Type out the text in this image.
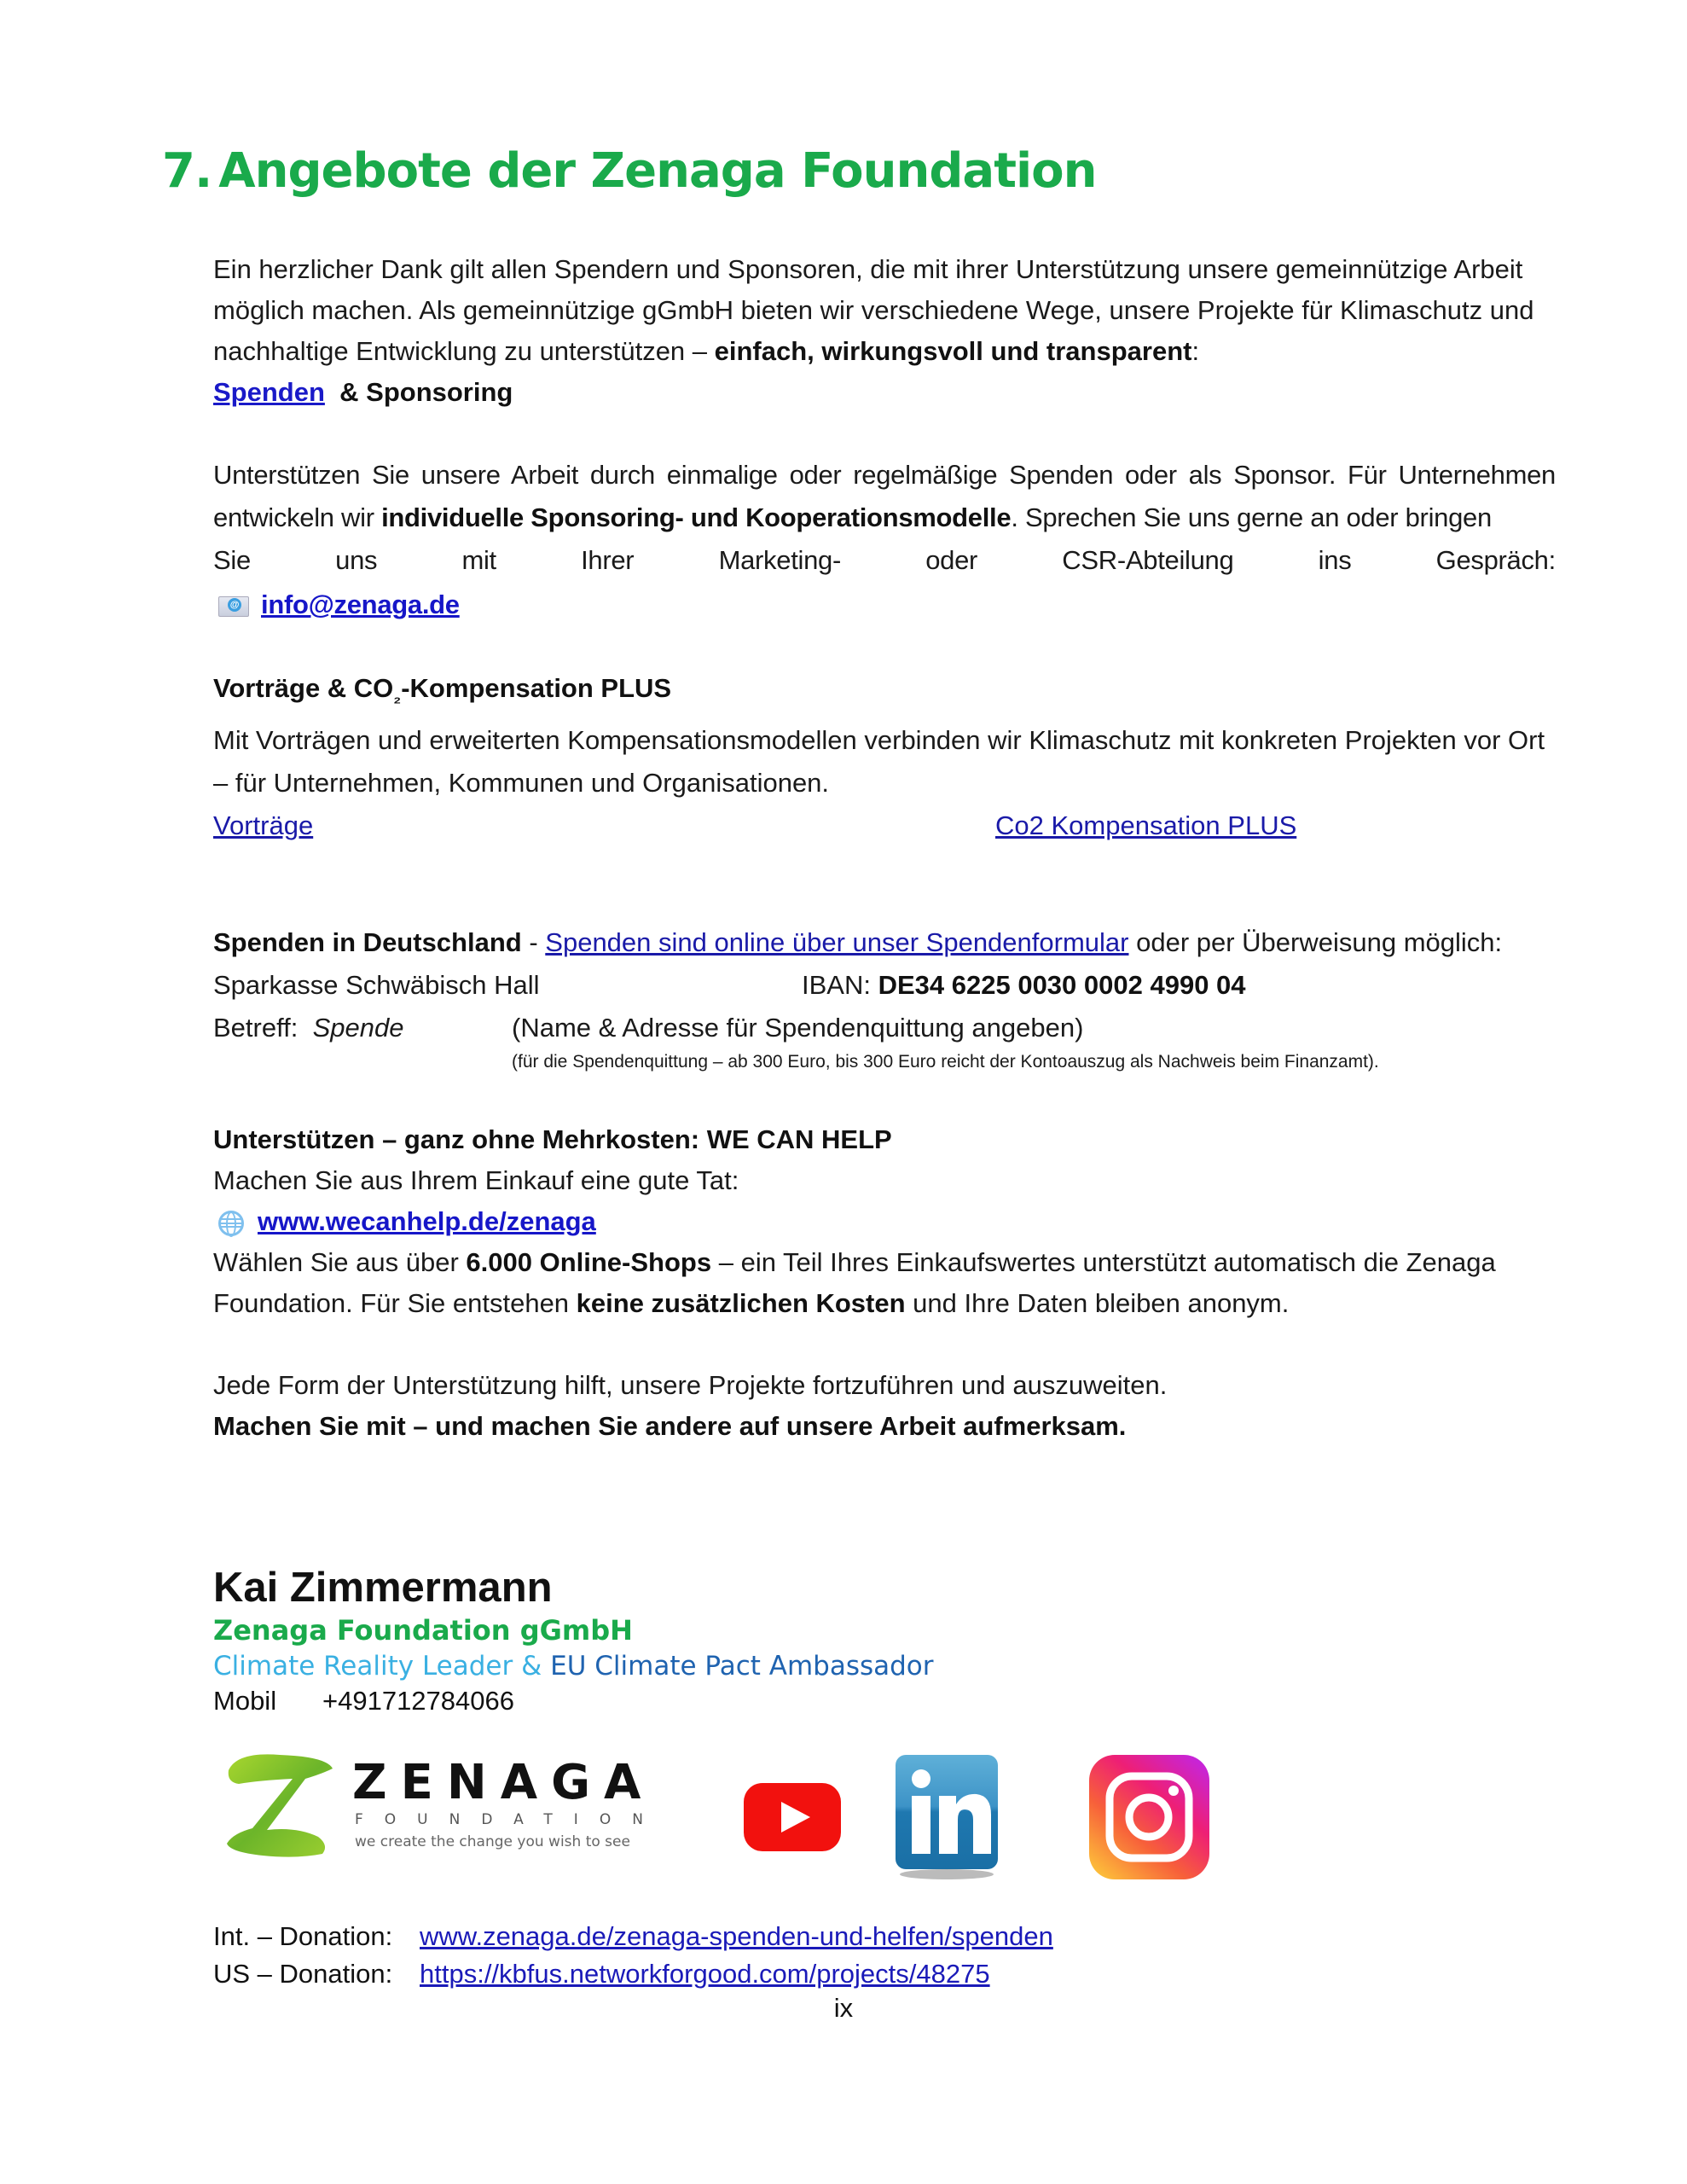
7. Angebote der Zenaga Foundation

Ein herzlicher Dank gilt allen Spendern und Sponsoren, die mit ihrer Unterstützung unsere gemeinnützige Arbeit möglich machen. Als gemeinnützige gGmbH bieten wir verschiedene Wege, unsere Projekte für Klimaschutz und nachhaltige Entwicklung zu unterstützen – einfach, wirkungsvoll und transparent:

Spenden & Sponsoring

Unterstützen Sie unsere Arbeit durch einmalige oder regelmäßige Spenden oder als Sponsor. Für Unternehmen entwickeln wir individuelle Sponsoring- und Kooperationsmodelle. Sprechen Sie uns gerne an oder bringen

Sie	uns	mit	Ihrer	Marketing-	oder	CSR-Abteilung	ins	Gespräch:

@info@zenaga.de

Vorträge & $CO_{_2}$-Kompensation PLUS

Mit Vorträgen und erweiterten Kompensationsmodellen verbinden wir Klimaschutz mit konkreten Projekten vor Ort – für Unternehmen, Kommunen und Organisationen.

Vorträge	Co2 Kompensation PLUS

Spenden in Deutschland - Spenden sind online über unser Spendenformular oder per Überweisung möglich:

Sparkasse Schwäbisch Hall	IBAN: DE34 6225 0030 0002 4990 04

Betreff: Spende	(Name & Adresse für Spendenquittung angeben)

(für die Spendenquittung – ab 300 Euro, bis 300 Euro reicht der Kontoauszug als Nachweis beim Finanzamt).

Unterstützen – ganz ohne Mehrkosten: WE CAN HELP

Machen Sie aus Ihrem Einkauf eine gute Tat:

www.wecanhelp.de/zenaga

Wählen Sie aus über 6.000 Online-Shops – ein Teil Ihres Einkaufswertes unterstützt automatisch die Zenaga Foundation. Für Sie entstehen keine zusätzlichen Kosten und Ihre Daten bleiben anonym.

Jede Form der Unterstützung hilft, unsere Projekte fortzuführen und auszuweiten.

Machen Sie mit – und machen Sie andere auf unsere Arbeit aufmerksam.

Kai Zimmermann
Zenaga Foundation gGmbH
Climate Reality Leader & EU Climate Pact Ambassador
Mobil +491712784066
ZENAGA
FOUNDATION
we create the change you wish to see
Int. – Donation: www.zenaga.de/zenaga-spenden-und-helfen/spenden
US – Donation: https://kbfus.networkforgood.com/projects/48275
ix
